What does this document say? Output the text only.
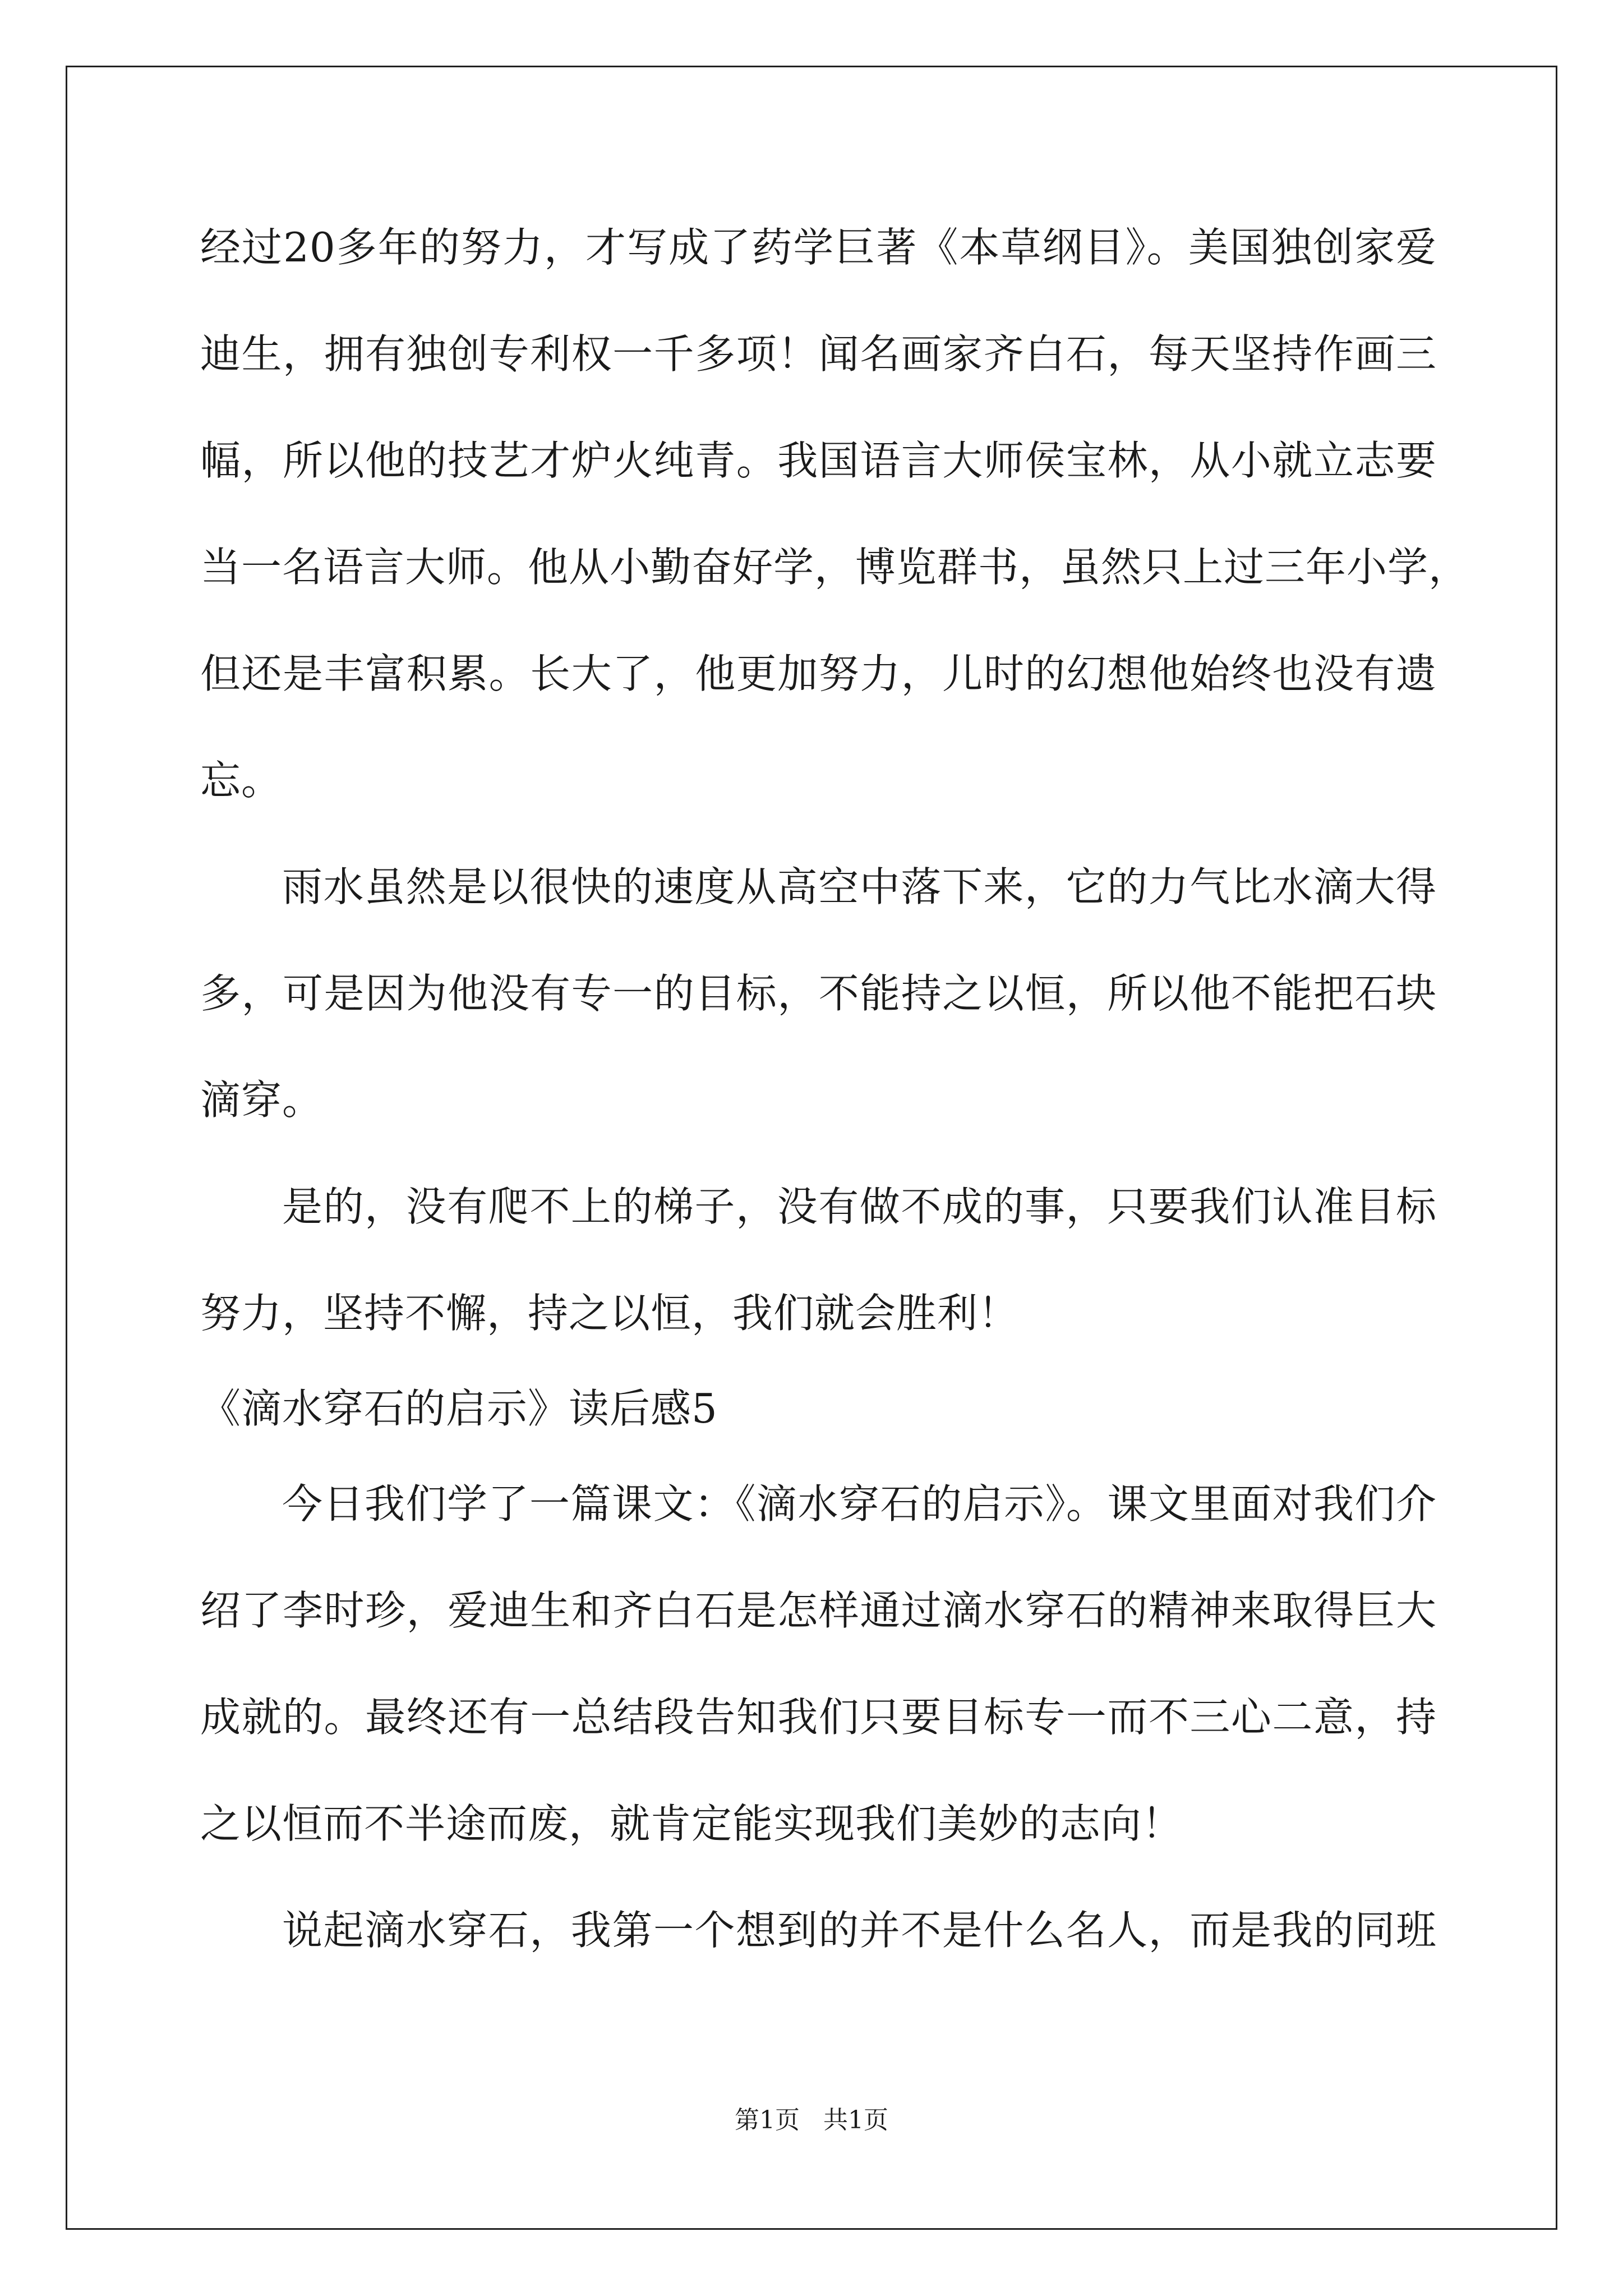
经过20多年的努力，才写成了药学巨著《本草纲目》。美国独创家爱
迪生，拥有独创专利权一千多项！闻名画家齐白石，每天坚持作画三
幅，所以他的技艺才炉火纯青。我国语言大师侯宝林，从小就立志要
当一名语言大师。他从小勤奋好学，博览群书，虽然只上过三年小学，
但还是丰富积累。长大了，他更加努力，儿时的幻想他始终也没有遗
忘。
雨水虽然是以很快的速度从高空中落下来，它的力气比水滴大得
多，可是因为他没有专一的目标，不能持之以恒，所以他不能把石块
滴穿。
是的，没有爬不上的梯子，没有做不成的事，只要我们认准目标
努力，坚持不懈，持之以恒，我们就会胜利！
《滴水穿石的启示》读后感5
今日我们学了一篇课文：《滴水穿石的启示》。课文里面对我们介
绍了李时珍，爱迪生和齐白石是怎样通过滴水穿石的精神来取得巨大
成就的。最终还有一总结段告知我们只要目标专一而不三心二意，持
之以恒而不半途而废，就肯定能实现我们美妙的志向！
说起滴水穿石，我第一个想到的并不是什么名人，而是我的同班
第1页   共1页
